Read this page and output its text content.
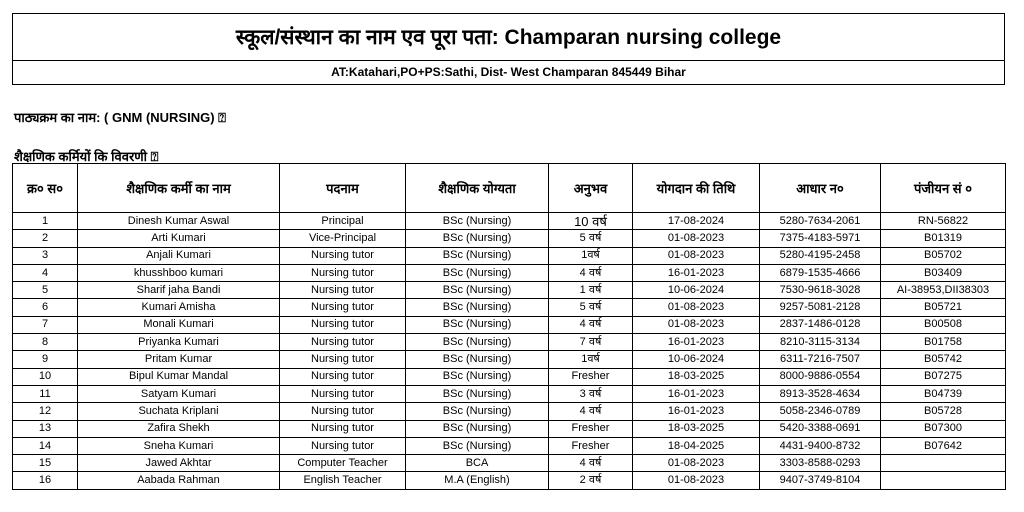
स्कूल/संस्थान का नाम एव पूरा पता: Champaran nursing college
AT:Katahari,PO+PS:Sathi, Dist- West Champaran 845449 Bihar
पाठ्यक्रम का नाम: ( GNM (NURSING) ⍰
शैक्षणिक कर्मियों कि विवरणी ⍰
क्र० स०	शैक्षणिक कर्मी का नाम	पदनाम	शैक्षणिक योग्यता	अनुभव	योगदान की तिथि	आधार न०	पंजीयन सं ०
1	Dinesh Kumar Aswal	Principal	BSc (Nursing)	10 वर्ष	17-08-2024	5280-7634-2061	RN-56822
2	Arti Kumari	Vice-Principal	BSc (Nursing)	5 वर्ष	01-08-2023	7375-4183-5971	B01319
3	Anjali Kumari	Nursing tutor	BSc (Nursing)	1वर्ष	01-08-2023	5280-4195-2458	B05702
4	khusshboo kumari	Nursing tutor	BSc (Nursing)	4 वर्ष	16-01-2023	6879-1535-4666	B03409
5	Sharif jaha Bandi	Nursing tutor	BSc (Nursing)	1 वर्ष	10-06-2024	7530-9618-3028	AI-38953,DII38303
6	Kumari Amisha	Nursing tutor	BSc (Nursing)	5 वर्ष	01-08-2023	9257-5081-2128	B05721
7	Monali Kumari	Nursing tutor	BSc (Nursing)	4 वर्ष	01-08-2023	2837-1486-0128	B00508
8	Priyanka Kumari	Nursing tutor	BSc (Nursing)	7 वर्ष	16-01-2023	8210-3115-3134	B01758
9	Pritam Kumar	Nursing tutor	BSc (Nursing)	1वर्ष	10-06-2024	6311-7216-7507	B05742
10	Bipul Kumar Mandal	Nursing tutor	BSc (Nursing)	Fresher	18-03-2025	8000-9886-0554	B07275
11	Satyam Kumari	Nursing tutor	BSc (Nursing)	3 वर्ष	16-01-2023	8913-3528-4634	B04739
12	Suchata Kriplani	Nursing tutor	BSc (Nursing)	4 वर्ष	16-01-2023	5058-2346-0789	B05728
13	Zafira Shekh	Nursing tutor	BSc (Nursing)	Fresher	18-03-2025	5420-3388-0691	B07300
14	Sneha Kumari	Nursing tutor	BSc (Nursing)	Fresher	18-04-2025	4431-9400-8732	B07642
15	Jawed Akhtar	Computer Teacher	BCA	4 वर्ष	01-08-2023	3303-8588-0293	
16	Aabada Rahman	English Teacher	M.A (English)	2 वर्ष	01-08-2023	9407-3749-8104	
